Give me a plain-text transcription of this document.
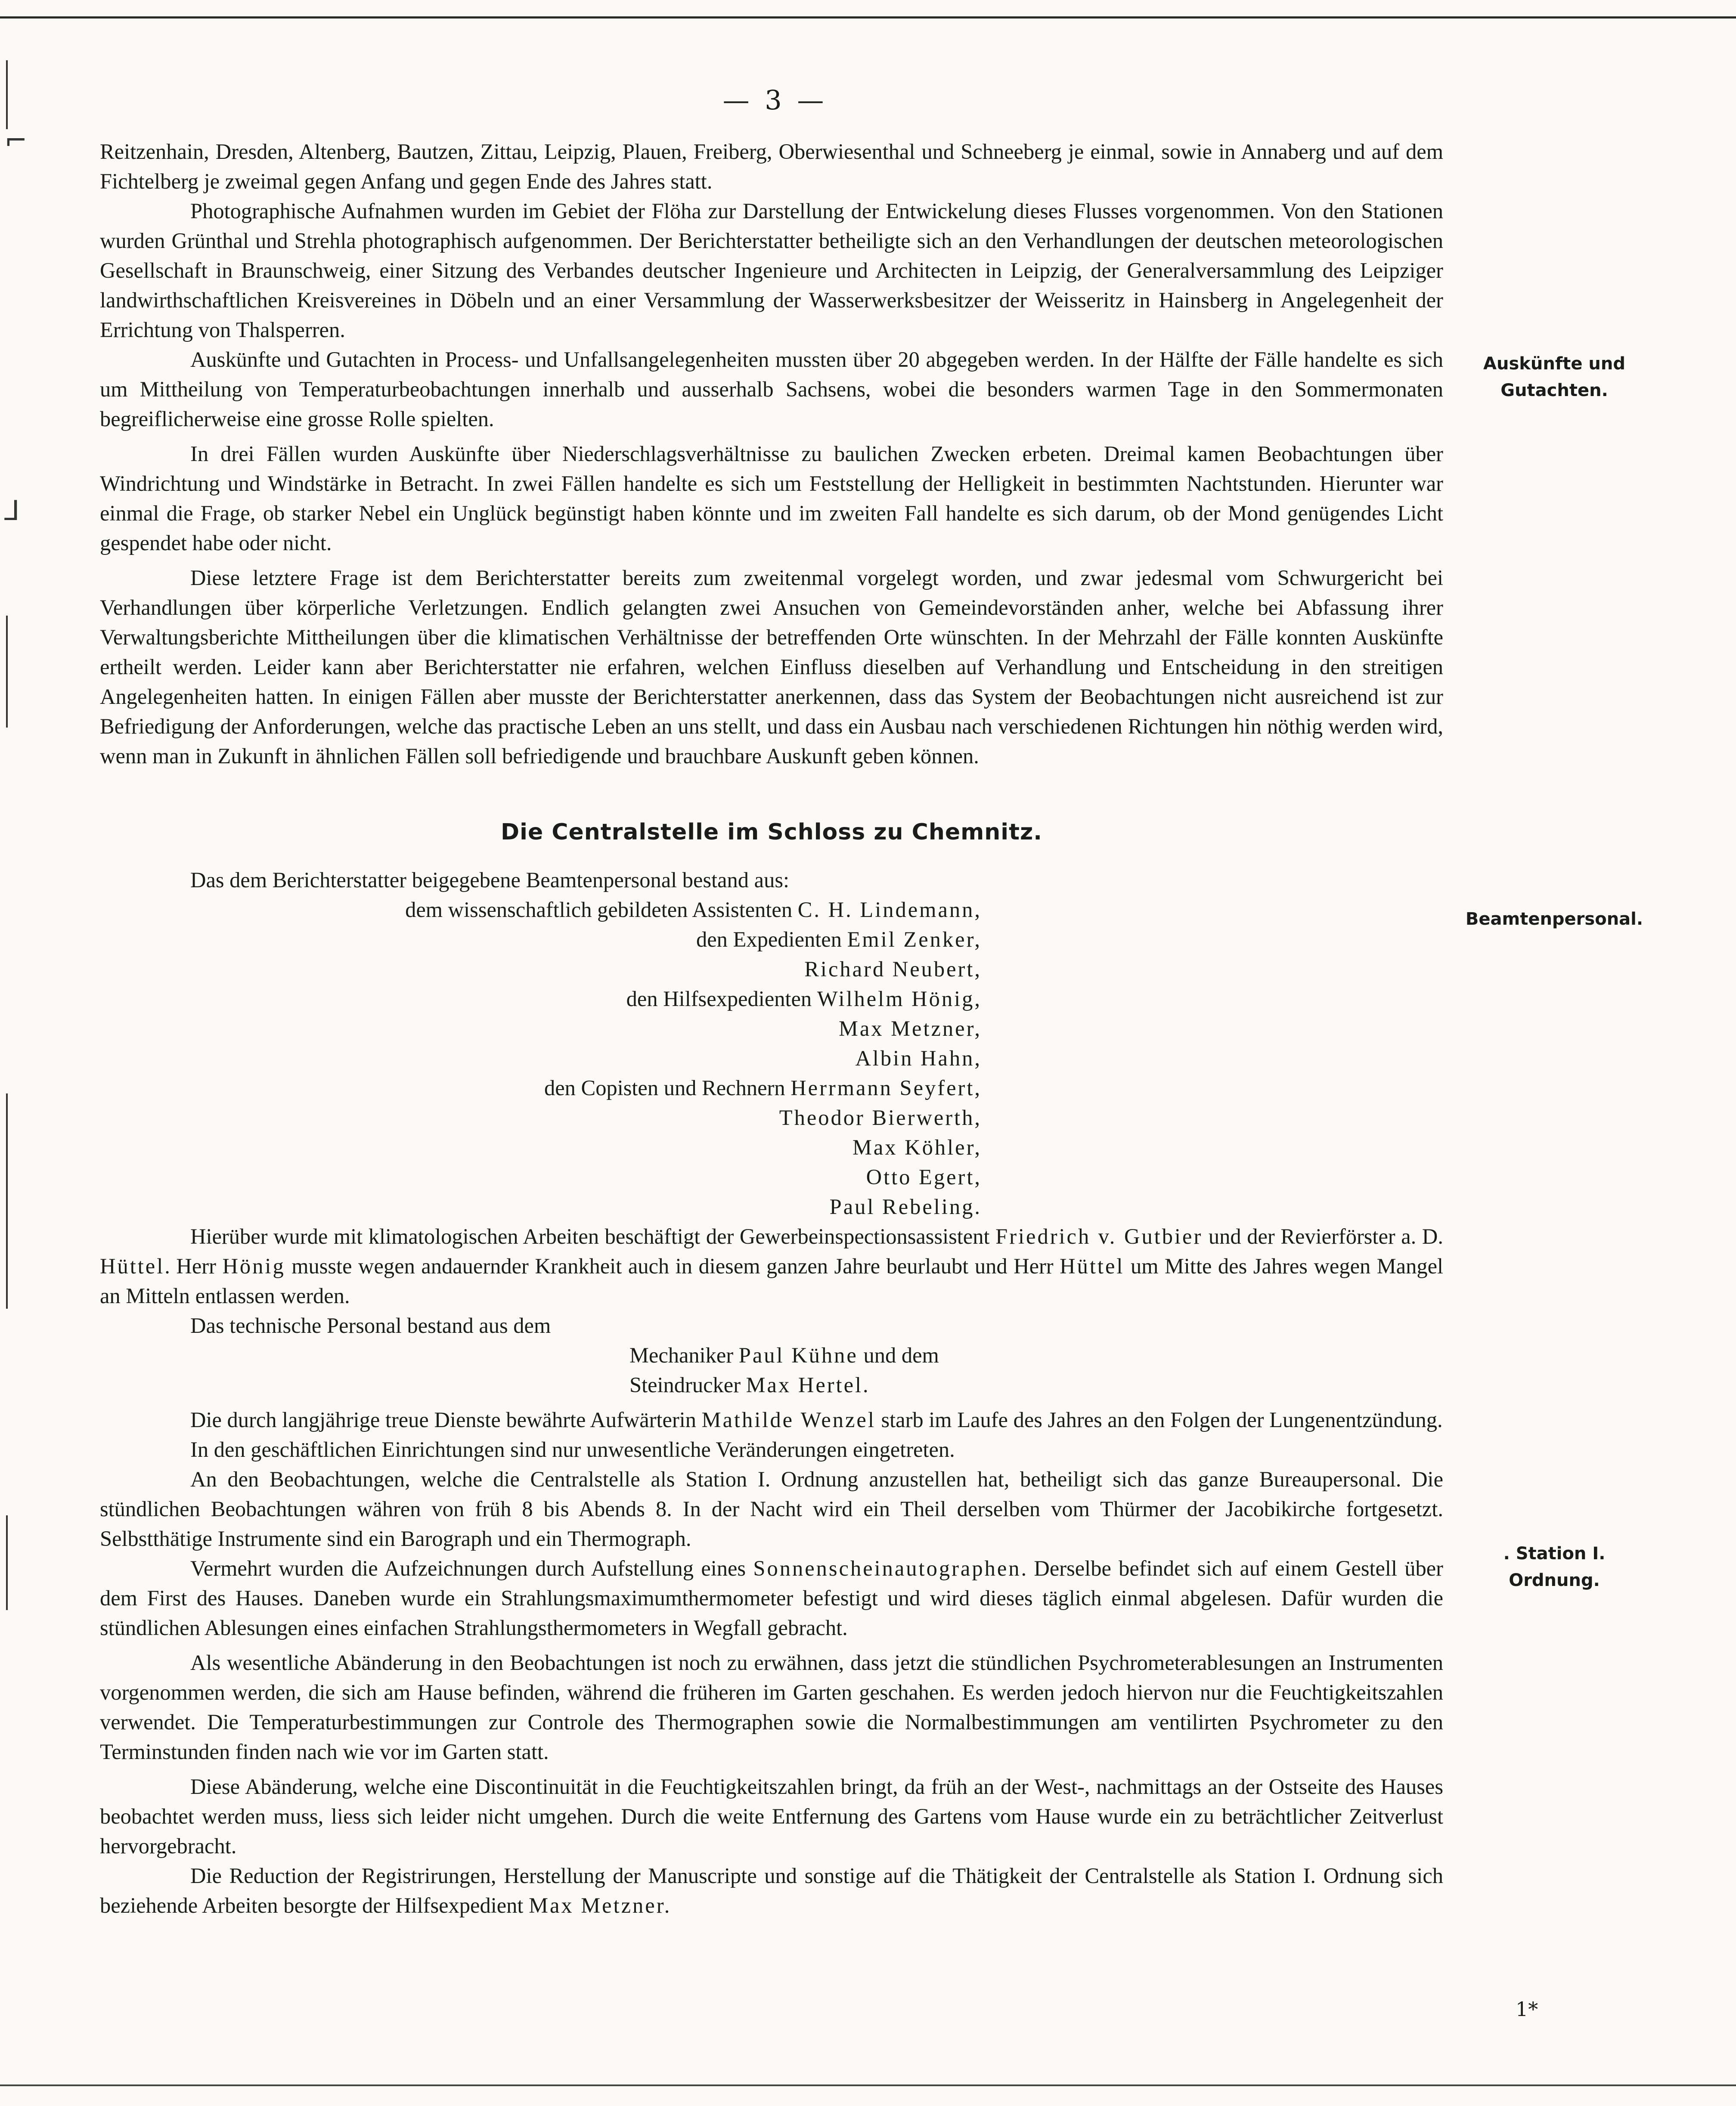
⌐
⅃
— 3 —

Reitzenhain, Dresden, Altenberg, Bautzen, Zittau, Leipzig, Plauen, Freiberg, Oberwiesenthal und Schneeberg je einmal, sowie in Annaberg und auf dem Fichtelberg je zweimal gegen Anfang und gegen Ende des Jahres statt.

Photographische Aufnahmen wurden im Gebiet der Flöha zur Darstellung der Entwickelung dieses Flusses vorgenommen. Von den Stationen wurden Grünthal und Strehla photographisch aufgenommen. Der Berichterstatter betheiligte sich an den Verhandlungen der deutschen meteorologischen Gesellschaft in Braunschweig, einer Sitzung des Verbandes deutscher Ingenieure und Architecten in Leipzig, der Generalversammlung des Leipziger landwirthschaftlichen Kreisvereines in Döbeln und an einer Versammlung der Wasserwerksbesitzer der Weisseritz in Hainsberg in Angelegenheit der Errichtung von Thalsperren.

Auskünfte und Gutachten in Process- und Unfallsangelegenheiten mussten über 20 abgegeben werden. In der Hälfte der Fälle handelte es sich um Mittheilung von Temperaturbeobachtungen innerhalb und ausserhalb Sachsens, wobei die besonders warmen Tage in den Sommermonaten begreiflicherweise eine grosse Rolle spielten.

In drei Fällen wurden Auskünfte über Niederschlagsverhältnisse zu baulichen Zwecken erbeten. Dreimal kamen Beobachtungen über Windrichtung und Windstärke in Betracht. In zwei Fällen handelte es sich um Feststellung der Helligkeit in bestimmten Nachtstunden. Hierunter war einmal die Frage, ob starker Nebel ein Unglück begünstigt haben könnte und im zweiten Fall handelte es sich darum, ob der Mond genügendes Licht gespendet habe oder nicht.

Diese letztere Frage ist dem Berichterstatter bereits zum zweitenmal vorgelegt worden, und zwar jedesmal vom Schwurgericht bei Verhandlungen über körperliche Verletzungen. Endlich gelangten zwei Ansuchen von Gemeindevorständen anher, welche bei Abfassung ihrer Verwaltungsberichte Mittheilungen über die klimatischen Verhältnisse der betreffenden Orte wünschten. In der Mehrzahl der Fälle konnten Auskünfte ertheilt werden. Leider kann aber Berichterstatter nie erfahren, welchen Einfluss dieselben auf Verhandlung und Entscheidung in den streitigen Angelegenheiten hatten. In einigen Fällen aber musste der Berichterstatter anerkennen, dass das System der Beobachtungen nicht ausreichend ist zur Befriedigung der Anforderungen, welche das practische Leben an uns stellt, und dass ein Ausbau nach verschiedenen Richtungen hin nöthig werden wird, wenn man in Zukunft in ähnlichen Fällen soll befriedigende und brauchbare Auskunft geben können.

Die Centralstelle im Schloss zu Chemnitz.

Das dem Berichterstatter beigegebene Beamtenpersonal bestand aus:

dem wissenschaftlich gebildeten Assistenten C. H. Lindemann,
den Expedienten Emil Zenker,
Richard Neubert,
den Hilfsexpedienten Wilhelm Hönig,
Max Metzner,
Albin Hahn,
den Copisten und Rechnern Herrmann Seyfert,
Theodor Bierwerth,
Max Köhler,
Otto Egert,
Paul Rebeling.

Hierüber wurde mit klimatologischen Arbeiten beschäftigt der Gewerbeinspectionsassistent Friedrich v. Gutbier und der Revierförster a. D. Hüttel. Herr Hönig musste wegen andauernder Krankheit auch in diesem ganzen Jahre beurlaubt und Herr Hüttel um Mitte des Jahres wegen Mangel an Mitteln entlassen werden.

Das technische Personal bestand aus dem

Mechaniker Paul Kühne und dem
Steindrucker Max Hertel.

Die durch langjährige treue Dienste bewährte Aufwärterin Mathilde Wenzel starb im Laufe des Jahres an den Folgen der Lungenentzündung.

In den geschäftlichen Einrichtungen sind nur unwesentliche Veränderungen eingetreten.

An den Beobachtungen, welche die Centralstelle als Station I. Ordnung anzustellen hat, betheiligt sich das ganze Bureaupersonal. Die stündlichen Beobachtungen währen von früh 8 bis Abends 8. In der Nacht wird ein Theil derselben vom Thürmer der Jacobikirche fortgesetzt. Selbstthätige Instrumente sind ein Barograph und ein Thermograph.

Vermehrt wurden die Aufzeichnungen durch Aufstellung eines Sonnenscheinautographen. Derselbe befindet sich auf einem Gestell über dem First des Hauses. Daneben wurde ein Strahlungsmaximumthermometer befestigt und wird dieses täglich einmal abgelesen. Dafür wurden die stündlichen Ablesungen eines einfachen Strahlungsthermometers in Wegfall gebracht.

Als wesentliche Abänderung in den Beobachtungen ist noch zu erwähnen, dass jetzt die stündlichen Psychrometerablesungen an Instrumenten vorgenommen werden, die sich am Hause befinden, während die früheren im Garten geschahen. Es werden jedoch hiervon nur die Feuchtigkeitszahlen verwendet. Die Temperaturbestimmungen zur Controle des Thermographen sowie die Normalbestimmungen am ventilirten Psychrometer zu den Terminstunden finden nach wie vor im Garten statt.

Diese Abänderung, welche eine Discontinuität in die Feuchtigkeitszahlen bringt, da früh an der West-, nachmittags an der Ostseite des Hauses beobachtet werden muss, liess sich leider nicht umgehen. Durch die weite Entfernung des Gartens vom Hause wurde ein zu beträchtlicher Zeitverlust hervorgebracht.

Die Reduction der Registrirungen, Herstellung der Manuscripte und sonstige auf die Thätigkeit der Centralstelle als Station I. Ordnung sich beziehende Arbeiten besorgte der Hilfsexpedient Max Metzner.

Auskünfte und
Gutachten.
Beamtenpersonal.
. Station I. Ordnung.
1*
